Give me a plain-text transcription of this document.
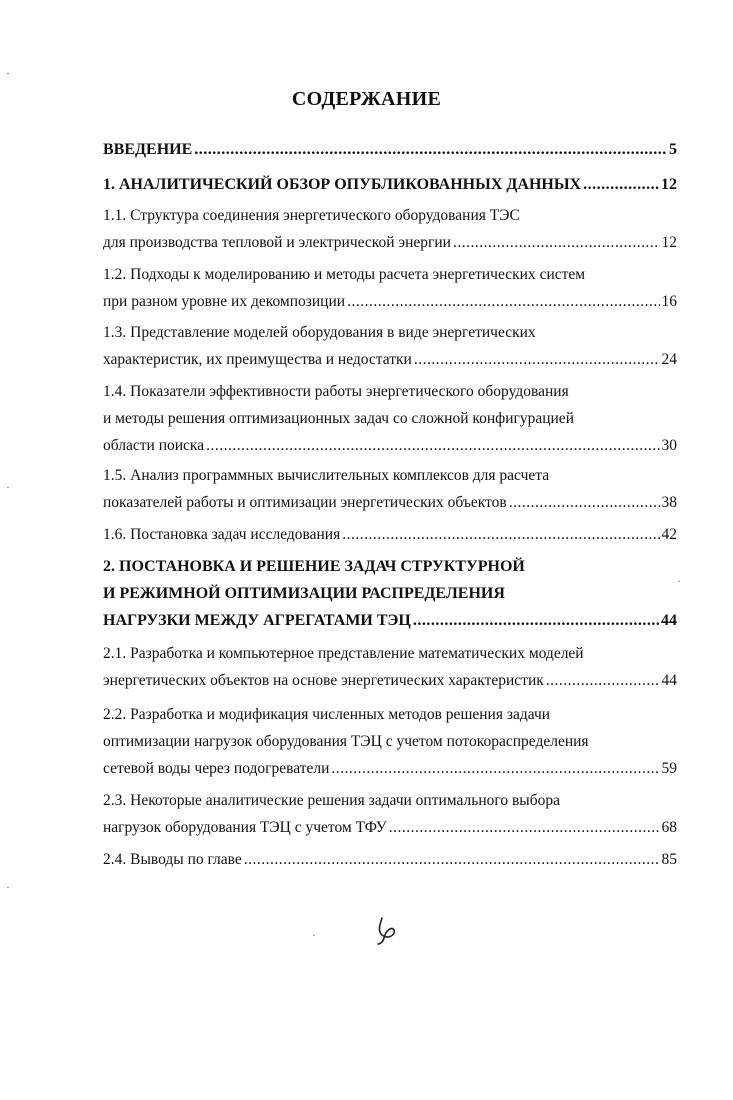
СОДЕРЖАНИЕ
ВВЕДЕНИЕ .....	5
1. АНАЛИТИЧЕСКИЙ ОБЗОР ОПУБЛИКОВАННЫХ ДАННЫХ .....	12
1.1. Структура соединения энергетического оборудования ТЭС
для производства тепловой и электрической энергии .....	12
1.2. Подходы к моделированию и методы расчета энергетических систем
при разном уровне их декомпозиции .....	16
1.3. Представление моделей оборудования в виде энергетических
характеристик, их преимущества и недостатки .....	24
1.4. Показатели эффективности работы энергетического оборудования
и методы решения оптимизационных задач со сложной конфигурацией
области поиска .....	30
1.5. Анализ программных вычислительных комплексов для расчета
показателей работы и оптимизации энергетических объектов .....	38
1.6. Постановка задач исследования .....	42
2. ПОСТАНОВКА И РЕШЕНИЕ ЗАДАЧ СТРУКТУРНОЙ
И РЕЖИМНОЙ ОПТИМИЗАЦИИ РАСПРЕДЕЛЕНИЯ
НАГРУЗКИ МЕЖДУ АГРЕГАТАМИ ТЭЦ .....	44
2.1. Разработка и компьютерное представление математических моделей
энергетических объектов на основе энергетических характеристик .....	44
2.2. Разработка и модификация численных методов решения задачи
оптимизации нагрузок оборудования ТЭЦ с учетом потокораспределения
сетевой воды через подогреватели .....	59
2.3. Некоторые аналитические решения задачи оптимального выбора
нагрузок оборудования ТЭЦ с учетом ТФУ .....	68
2.4. Выводы по главе .....	85
·
·
·
·
·
